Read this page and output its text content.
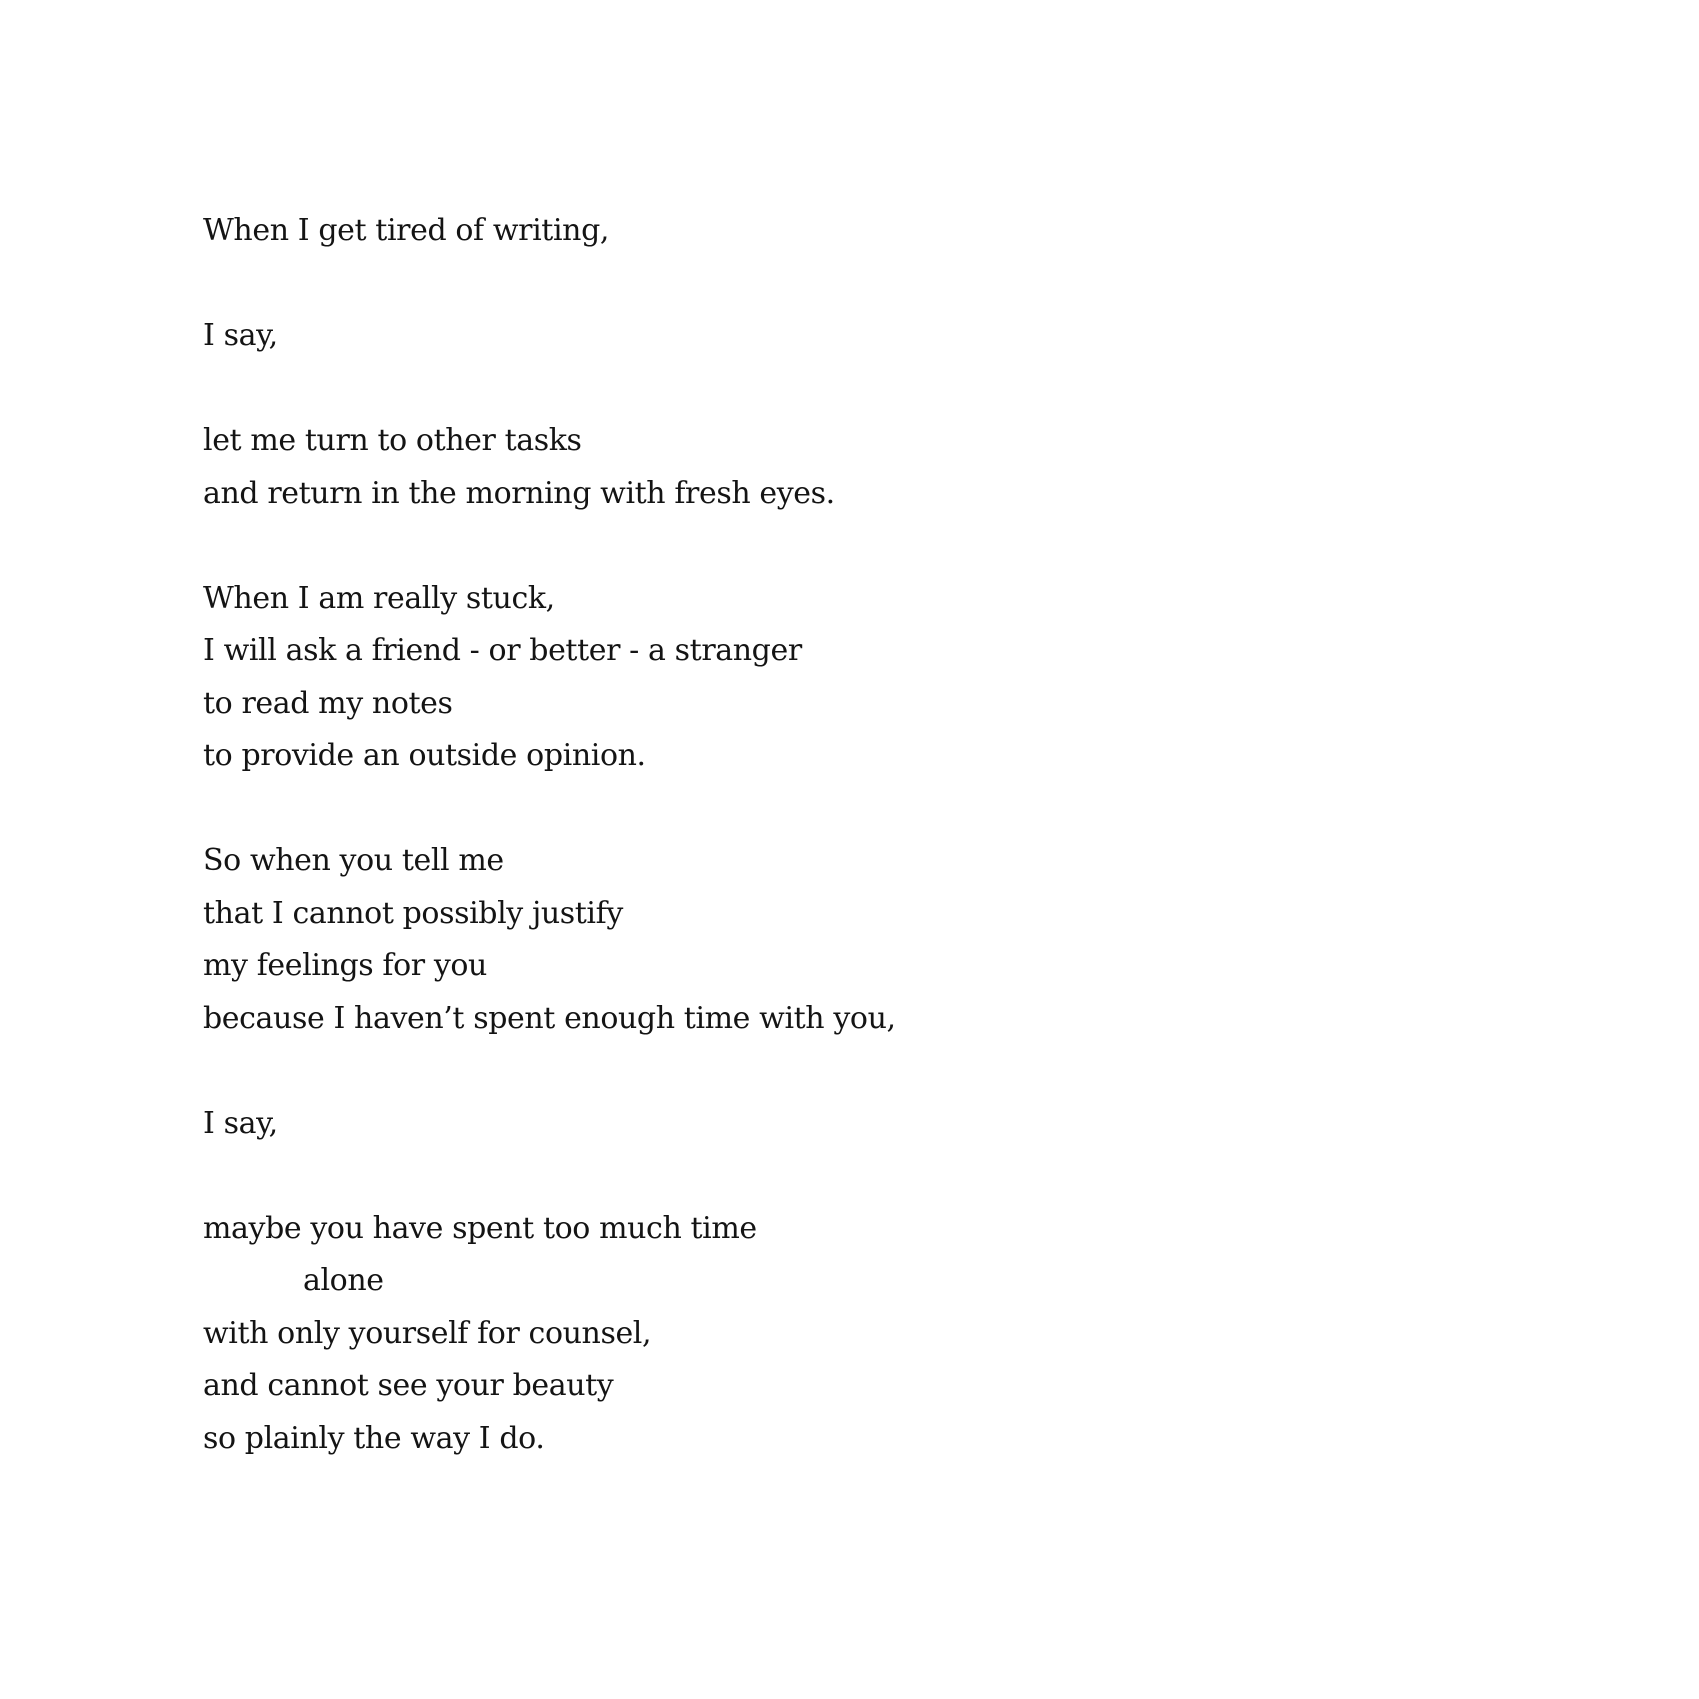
When I get tired of writing,
I say,
let me turn to other tasks
and return in the morning with fresh eyes.
When I am really stuck,
I will ask a friend - or better - a stranger
to read my notes
to provide an outside opinion.
So when you tell me
that I cannot possibly justify
my feelings for you
because I haven’t spent enough time with you,
I say,
maybe you have spent too much time
alone
with only yourself for counsel,
and cannot see your beauty
so plainly the way I do.
